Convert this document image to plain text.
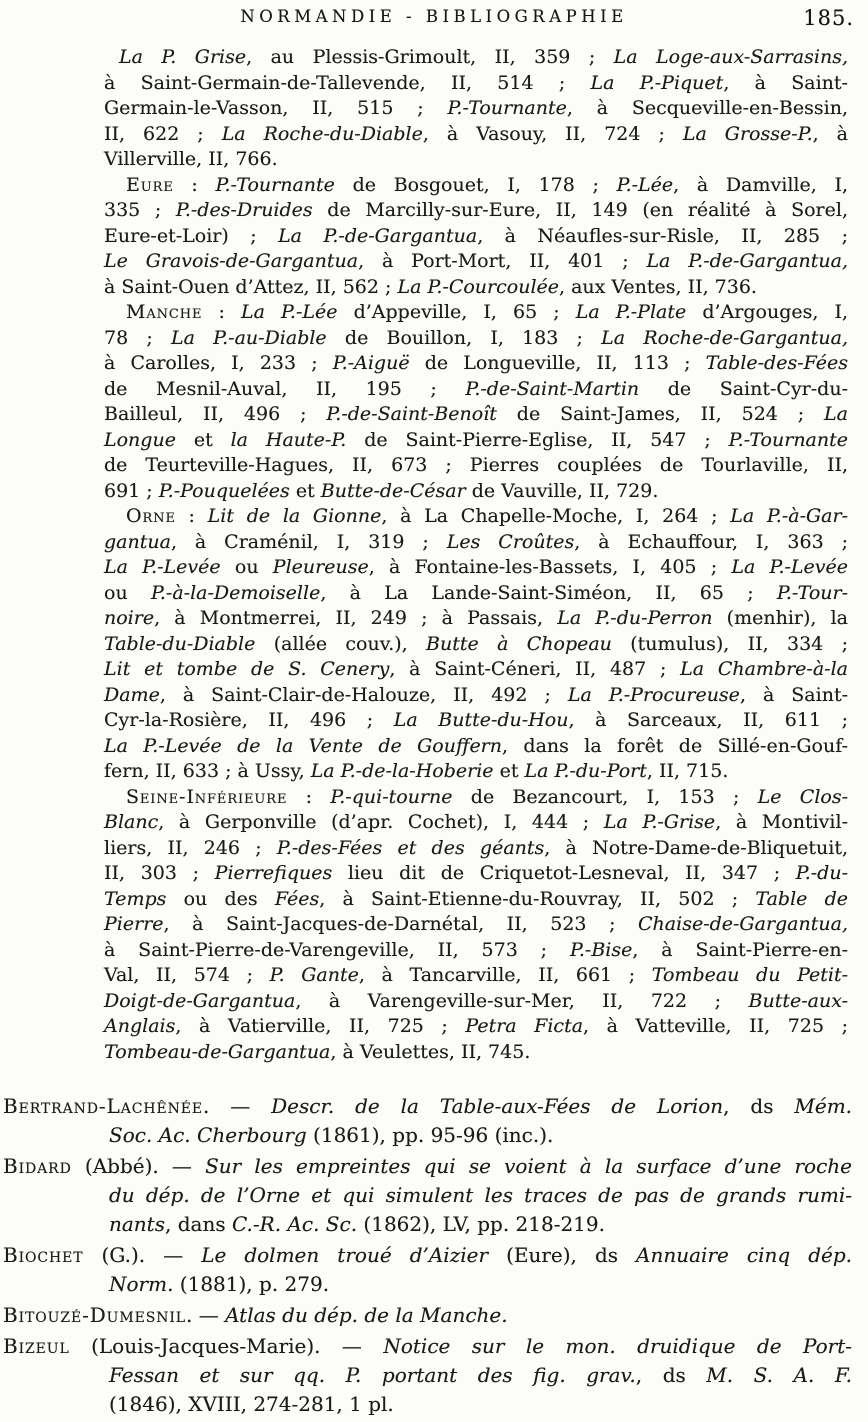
NORMANDIE - BIBLIOGRAPHIE	185.

La P. Grise, au Plessis-Grimoult, II, 359 ; La Loge-aux-Sarrasins,
à Saint-Germain-de-Tallevende, II, 514 ; La P.-Piquet, à Saint-
Germain-le-Vasson, II, 515 ; P.-Tournante, à Secqueville-en-Bessin,
II, 622 ; La Roche-du-Diable, à Vasouy, II, 724 ; La Grosse-P., à
Villerville, II, 766.

Eure : P.-Tournante de Bosgouet, I, 178 ; P.-Lée, à Damville, I,
335 ; P.-des-Druides de Marcilly-sur-Eure, II, 149 (en réalité à Sorel,
Eure-et-Loir) ; La P.-de-Gargantua, à Néaufles-sur-Risle, II, 285 ;
Le Gravois-de-Gargantua, à Port-Mort, II, 401 ; La P.-de-Gargantua,
à Saint-Ouen d’Attez, II, 562 ; La P.-Courcoulée, aux Ventes, II, 736.

Manche : La P.-Lée d’Appeville, I, 65 ; La P.-Plate d’Argouges, I,
78 ; La P.-au-Diable de Bouillon, I, 183 ; La Roche-de-Gargantua,
à Carolles, I, 233 ; P.-Aiguë de Longueville, II, 113 ; Table-des-Fées
de Mesnil-Auval, II, 195 ; P.-de-Saint-Martin de Saint-Cyr-du-
Bailleul, II, 496 ; P.-de-Saint-Benoît de Saint-James, II, 524 ; La
Longue et la Haute-P. de Saint-Pierre-Eglise, II, 547 ; P.-Tournante
de Teurteville-Hagues, II, 673 ; Pierres couplées de Tourlaville, II,
691 ; P.-Pouquelées et Butte-de-César de Vauville, II, 729.

Orne : Lit de la Gionne, à La Chapelle-Moche, I, 264 ; La P.-à-Gar-
gantua, à Craménil, I, 319 ; Les Croûtes, à Echauffour, I, 363 ;
La P.-Levée ou Pleureuse, à Fontaine-les-Bassets, I, 405 ; La P.-Levée
ou P.-à-la-Demoiselle, à La Lande-Saint-Siméon, II, 65 ; P.-Tour-
noire, à Montmerrei, II, 249 ; à Passais, La P.-du-Perron (menhir), la
Table-du-Diable (allée couv.), Butte à Chopeau (tumulus), II, 334 ;
Lit et tombe de S. Cenery, à Saint-Céneri, II, 487 ; La Chambre-à-la
Dame, à Saint-Clair-de-Halouze, II, 492 ; La P.-Procureuse, à Saint-
Cyr-la-Rosière, II, 496 ; La Butte-du-Hou, à Sarceaux, II, 611 ;
La P.-Levée de la Vente de Gouffern, dans la forêt de Sillé-en-Gouf-
fern, II, 633 ; à Ussy, La P.-de-la-Hoberie et La P.-du-Port, II, 715.

Seine-Inférieure : P.-qui-tourne de Bezancourt, I, 153 ; Le Clos-
Blanc, à Gerponville (d’apr. Cochet), I, 444 ; La P.-Grise, à Montivil-
liers, II, 246 ; P.-des-Fées et des géants, à Notre-Dame-de-Bliquetuit,
II, 303 ; Pierrefiques lieu dit de Criquetot-Lesneval, II, 347 ; P.-du-
Temps ou des Fées, à Saint-Etienne-du-Rouvray, II, 502 ; Table de
Pierre, à Saint-Jacques-de-Darnétal, II, 523 ; Chaise-de-Gargantua,
à Saint-Pierre-de-Varengeville, II, 573 ; P.-Bise, à Saint-Pierre-en-
Val, II, 574 ; P. Gante, à Tancarville, II, 661 ; Tombeau du Petit-
Doigt-de-Gargantua, à Varengeville-sur-Mer, II, 722 ; Butte-aux-
Anglais, à Vatierville, II, 725 ; Petra Ficta, à Vatteville, II, 725 ;
Tombeau-de-Gargantua, à Veulettes, II, 745.

Bertrand-Lachênée. — Descr. de la Table-aux-Fées de Lorion, ds Mém.
Soc. Ac. Cherbourg (1861), pp. 95-96 (inc.).

Bidard (Abbé). — Sur les empreintes qui se voient à la surface d’une roche
du dép. de l’Orne et qui simulent les traces de pas de grands rumi-
nants, dans C.-R. Ac. Sc. (1862), LV, pp. 218-219.

Biochet (G.). — Le dolmen troué d’Aizier (Eure), ds Annuaire cinq dép.
Norm. (1881), p. 279.

Bitouzé-Dumesnil. — Atlas du dép. de la Manche.

Bizeul (Louis-Jacques-Marie). — Notice sur le mon. druidique de Port-
Fessan et sur qq. P. portant des fig. grav., ds M. S. A. F.
(1846), XVIII, 274-281, 1 pl.
